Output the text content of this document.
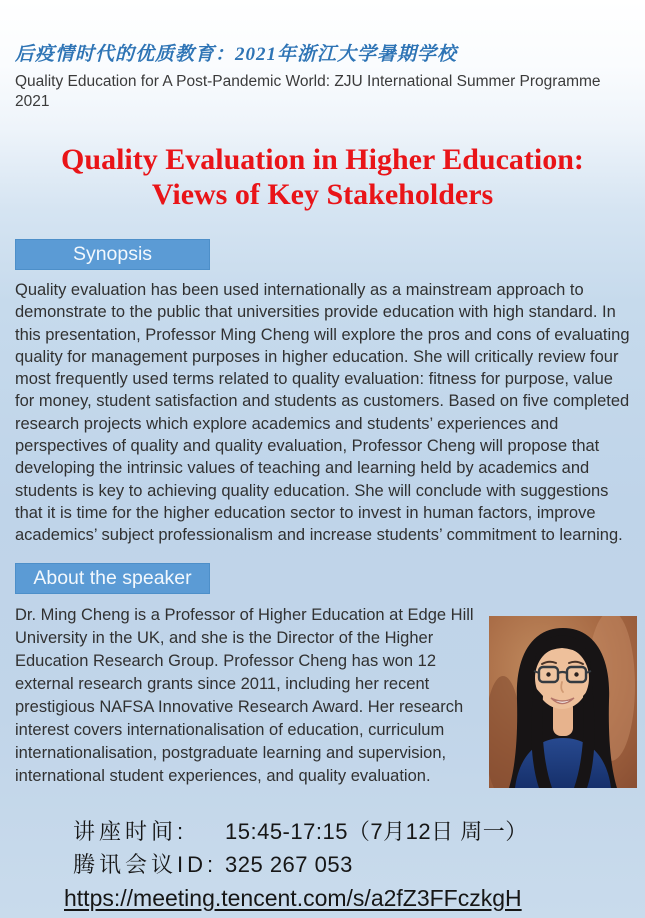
后疫情时代的优质教育：2021年浙江大学暑期学校
Quality Education for A Post-Pandemic World: ZJU International Summer Programme 2021
Quality Evaluation in Higher Education:
Views of Key Stakeholders
Synopsis
Quality evaluation has been used internationally as a mainstream approach to demonstrate to the public that universities provide education with high standard. In this presentation, Professor Ming Cheng will explore the pros and cons of evaluating quality for management purposes in higher education. She will critically review four most frequently used terms related to quality evaluation: fitness for purpose, value for money, student satisfaction and students as customers. Based on five completed research projects which explore academics and students’ experiences and perspectives of quality and quality evaluation, Professor Cheng will propose that developing the intrinsic values of teaching and learning held by academics and students is key to achieving quality education. She will conclude with suggestions that it is time for the higher education sector to invest in human factors, improve academics’ subject professionalism and increase students’ commitment to learning.
About the speaker
Dr. Ming Cheng is a Professor of Higher Education at Edge Hill University in the UK, and she is the Director of the Higher Education Research Group. Professor Cheng has won 12 external research grants since 2011, including her recent prestigious NAFSA Innovative Research Award. Her research interest covers internationalisation of education, curriculum internationalisation, postgraduate learning and supervision, international student experiences, and quality evaluation.
讲座时间:	15:45-17:15（7月12日 周一）
腾讯会议ID: 325 267 053
https://meeting.tencent.com/s/a2fZ3FFczkgH
